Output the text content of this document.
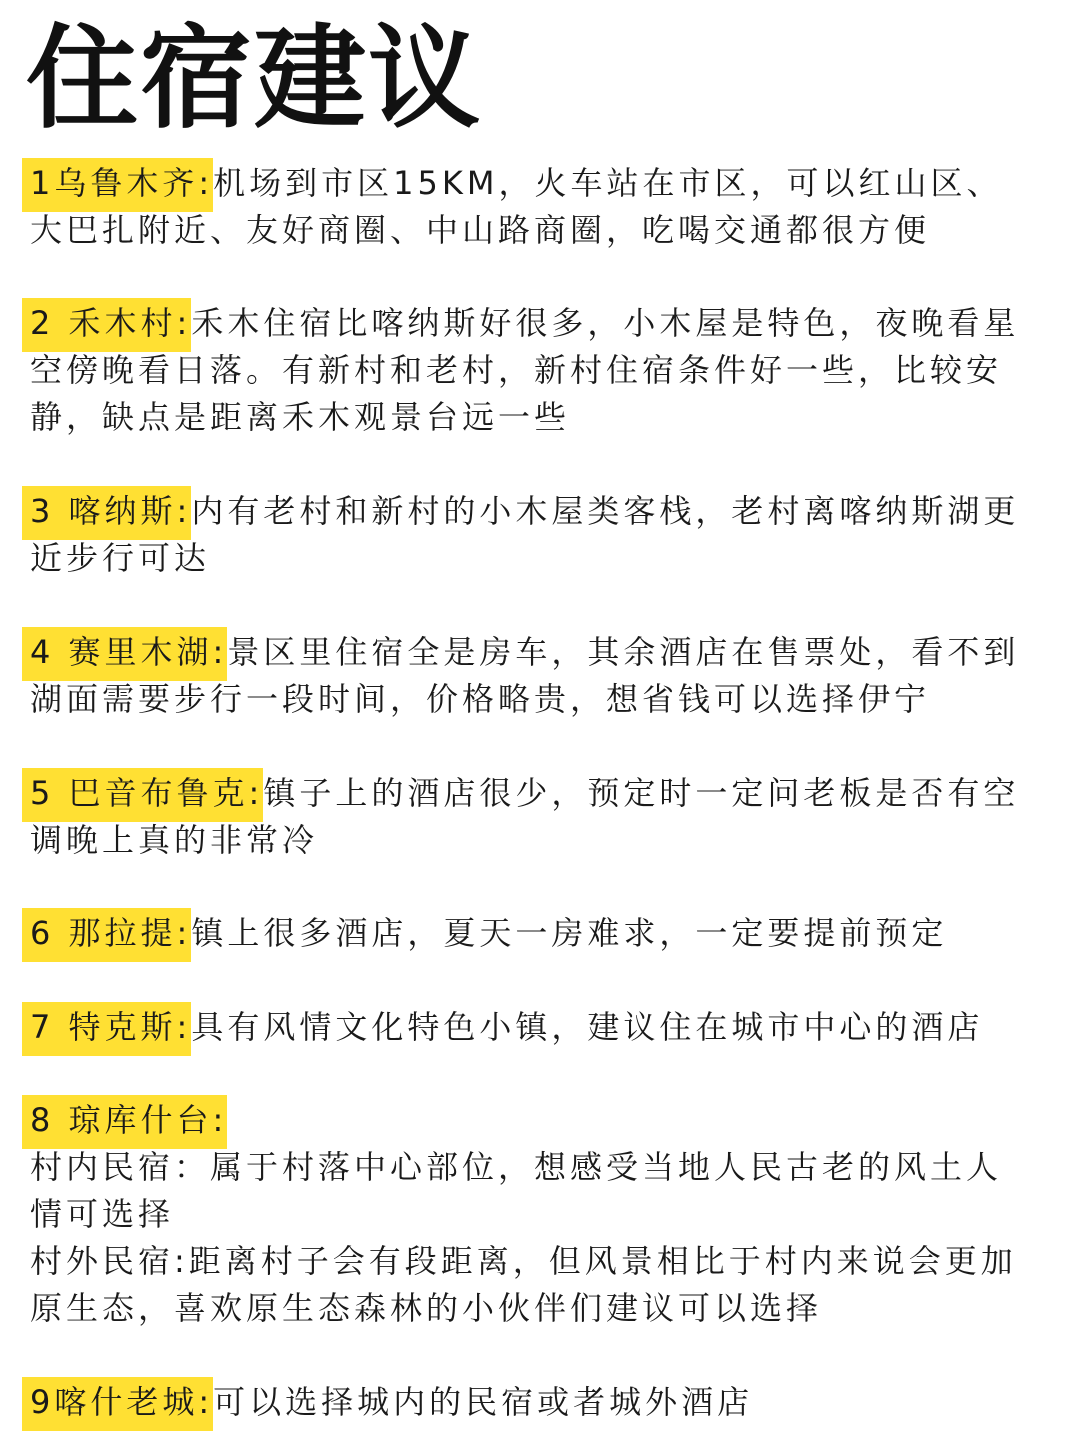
住宿建议
1乌鲁木齐:机场到市区15KM，火车站在市区，可以红山区、大巴扎附近、友好商圈、中山路商圈，吃喝交通都很方便
2 禾木村:禾木住宿比喀纳斯好很多，小木屋是特色，夜晚看星空傍晚看日落。有新村和老村，新村住宿条件好一些，比较安静，缺点是距离禾木观景台远一些
3 喀纳斯:内有老村和新村的小木屋类客栈，老村离喀纳斯湖更近步行可达
4 赛里木湖:景区里住宿全是房车，其余酒店在售票处，看不到湖面需要步行一段时间，价格略贵，想省钱可以选择伊宁
5 巴音布鲁克:镇子上的酒店很少，预定时一定问老板是否有空调晚上真的非常冷
6 那拉提:镇上很多酒店，夏天一房难求，一定要提前预定
7 特克斯:具有风情文化特色小镇，建议住在城市中心的酒店
8 琼库什台:
村内民宿：属于村落中心部位，想感受当地人民古老的风土人情可选择
村外民宿:距离村子会有段距离，但风景相比于村内来说会更加原生态，喜欢原生态森林的小伙伴们建议可以选择
9喀什老城:可以选择城内的民宿或者城外酒店
